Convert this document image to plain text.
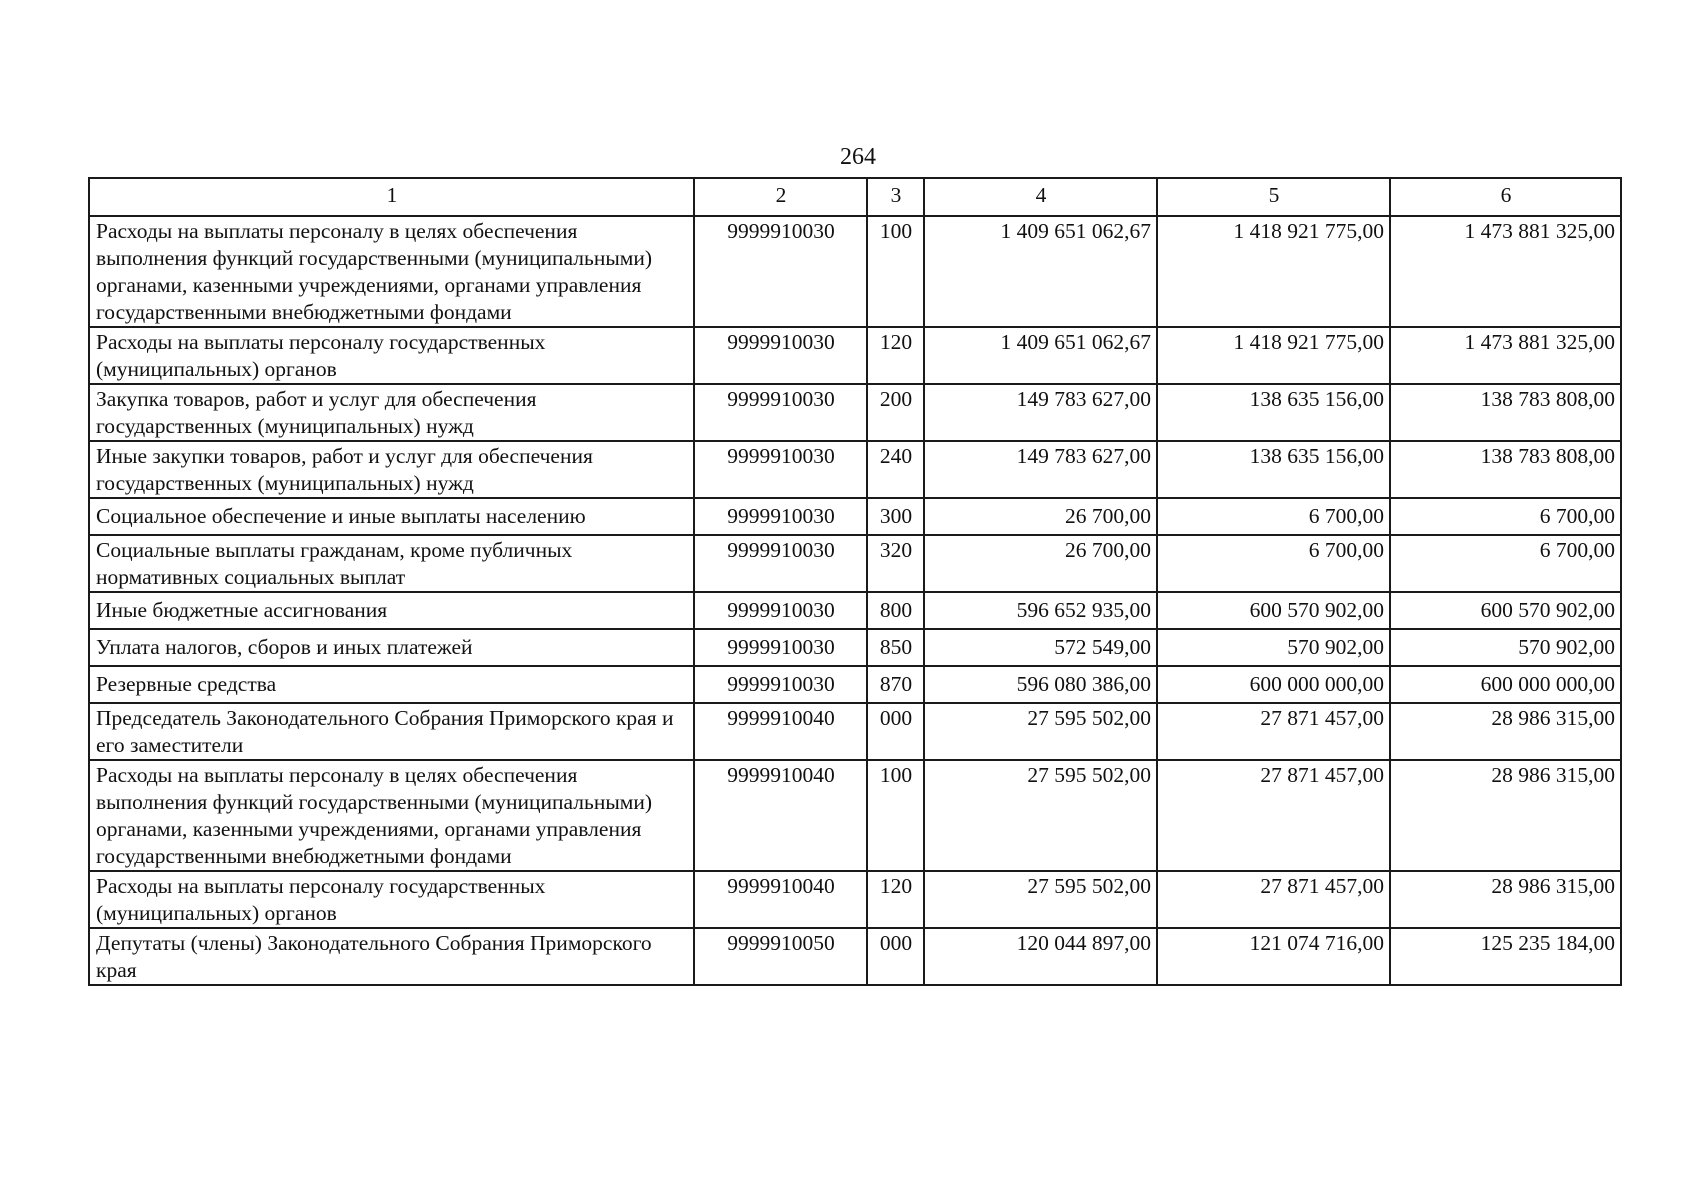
264
1	2	3	4	5	6
Расходы на выплаты персоналу в целях обеспечения выполнения функций государственными (муниципальными) органами, казенными учреждениями, органами управления государственными внебюджетными фондами	9999910030	100	1 409 651 062,67	1 418 921 775,00	1 473 881 325,00
Расходы на выплаты персоналу государственных (муниципальных) органов	9999910030	120	1 409 651 062,67	1 418 921 775,00	1 473 881 325,00
Закупка товаров, работ и услуг для обеспечения государственных (муниципальных) нужд	9999910030	200	149 783 627,00	138 635 156,00	138 783 808,00
Иные закупки товаров, работ и услуг для обеспечения государственных (муниципальных) нужд	9999910030	240	149 783 627,00	138 635 156,00	138 783 808,00
Социальное обеспечение и иные выплаты населению	9999910030	300	26 700,00	6 700,00	6 700,00
Социальные выплаты гражданам, кроме публичных нормативных социальных выплат	9999910030	320	26 700,00	6 700,00	6 700,00
Иные бюджетные ассигнования	9999910030	800	596 652 935,00	600 570 902,00	600 570 902,00
Уплата налогов, сборов и иных платежей	9999910030	850	572 549,00	570 902,00	570 902,00
Резервные средства	9999910030	870	596 080 386,00	600 000 000,00	600 000 000,00
Председатель Законодательного Собрания Приморского края и его заместители	9999910040	000	27 595 502,00	27 871 457,00	28 986 315,00
Расходы на выплаты персоналу в целях обеспечения выполнения функций государственными (муниципальными) органами, казенными учреждениями, органами управления государственными внебюджетными фондами	9999910040	100	27 595 502,00	27 871 457,00	28 986 315,00
Расходы на выплаты персоналу государственных (муниципальных) органов	9999910040	120	27 595 502,00	27 871 457,00	28 986 315,00
Депутаты (члены) Законодательного Собрания Приморского края	9999910050	000	120 044 897,00	121 074 716,00	125 235 184,00
